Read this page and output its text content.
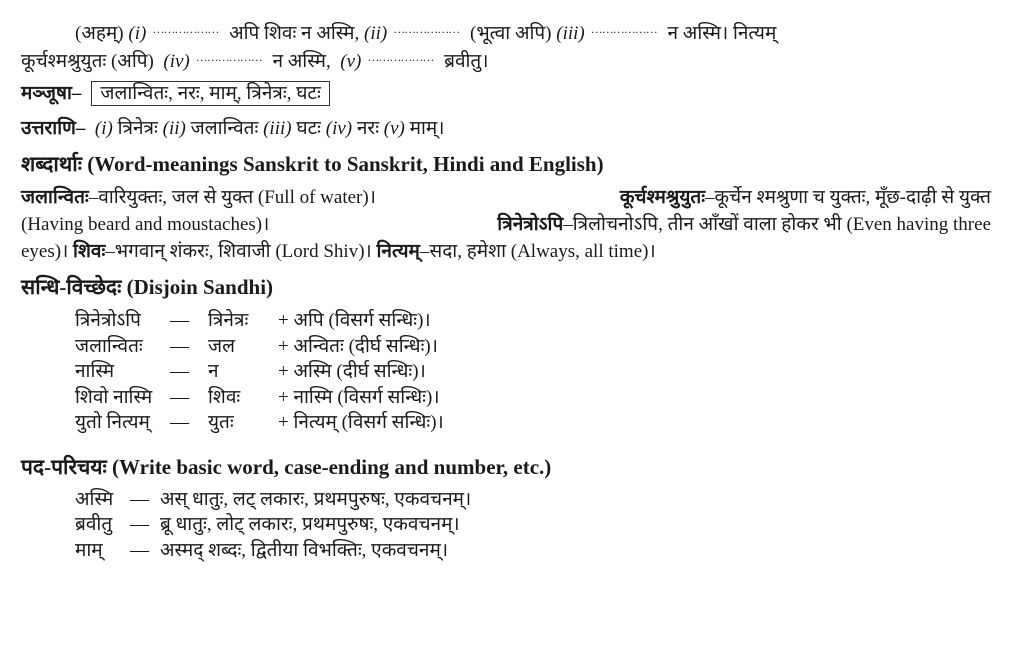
(अहम्) (i) ……………… अपि शिवः न अस्मि, (ii) ……………… (भूत्वा अपि) (iii) ……………… न अस्मि। नित्यम्
कूर्चश्मश्रुयुतः (अपि) (iv) ……………… न अस्मि, (v) ……………… ब्रवीतु।
मञ्जूषा– जलान्वितः, नरः, माम्, त्रिनेत्रः, घटः
उत्तराणि– (i) त्रिनेत्रः (ii) जलान्वितः (iii) घटः (iv) नरः (v) माम्।
शब्दार्थाः (Word-meanings Sanskrit to Sanskrit, Hindi and English)
जलान्वितः–वारियुक्तः, जल से युक्त (Full of water)।	कूर्चश्मश्रुयुतः–कूर्चेन श्मश्रुणा च युक्तः, मूँछ-दाढ़ी से युक्त
(Having beard and moustaches)।	त्रिनेत्रोऽपि–त्रिलोचनोऽपि, तीन आँखों वाला होकर भी (Even having three
eyes)। शिवः–भगवान् शंकरः, शिवाजी (Lord Shiv)। नित्यम्–सदा, हमेशा (Always, all time)।
सन्धि-विच्छेदः (Disjoin Sandhi)
त्रिनेत्रोऽपि — त्रिनेत्रः + अपि (विसर्ग सन्धिः)।
जलान्वितः — जल + अन्वितः (दीर्घ सन्धिः)।
नास्मि	— न	+ अस्मि (दीर्घ सन्धिः)।
शिवो नास्मि — शिवः + नास्मि (विसर्ग सन्धिः)।
युतो नित्यम् — युतः + नित्यम् (विसर्ग सन्धिः)।
पद-परिचयः (Write basic word, case-ending and number, etc.)
अस्मि — अस् धातुः, लट् लकारः, प्रथमपुरुषः, एकवचनम्।
ब्रवीतु — ब्रू धातुः, लोट् लकारः, प्रथमपुरुषः, एकवचनम्।
माम् — अस्मद् शब्दः, द्वितीया विभक्तिः, एकवचनम्।
